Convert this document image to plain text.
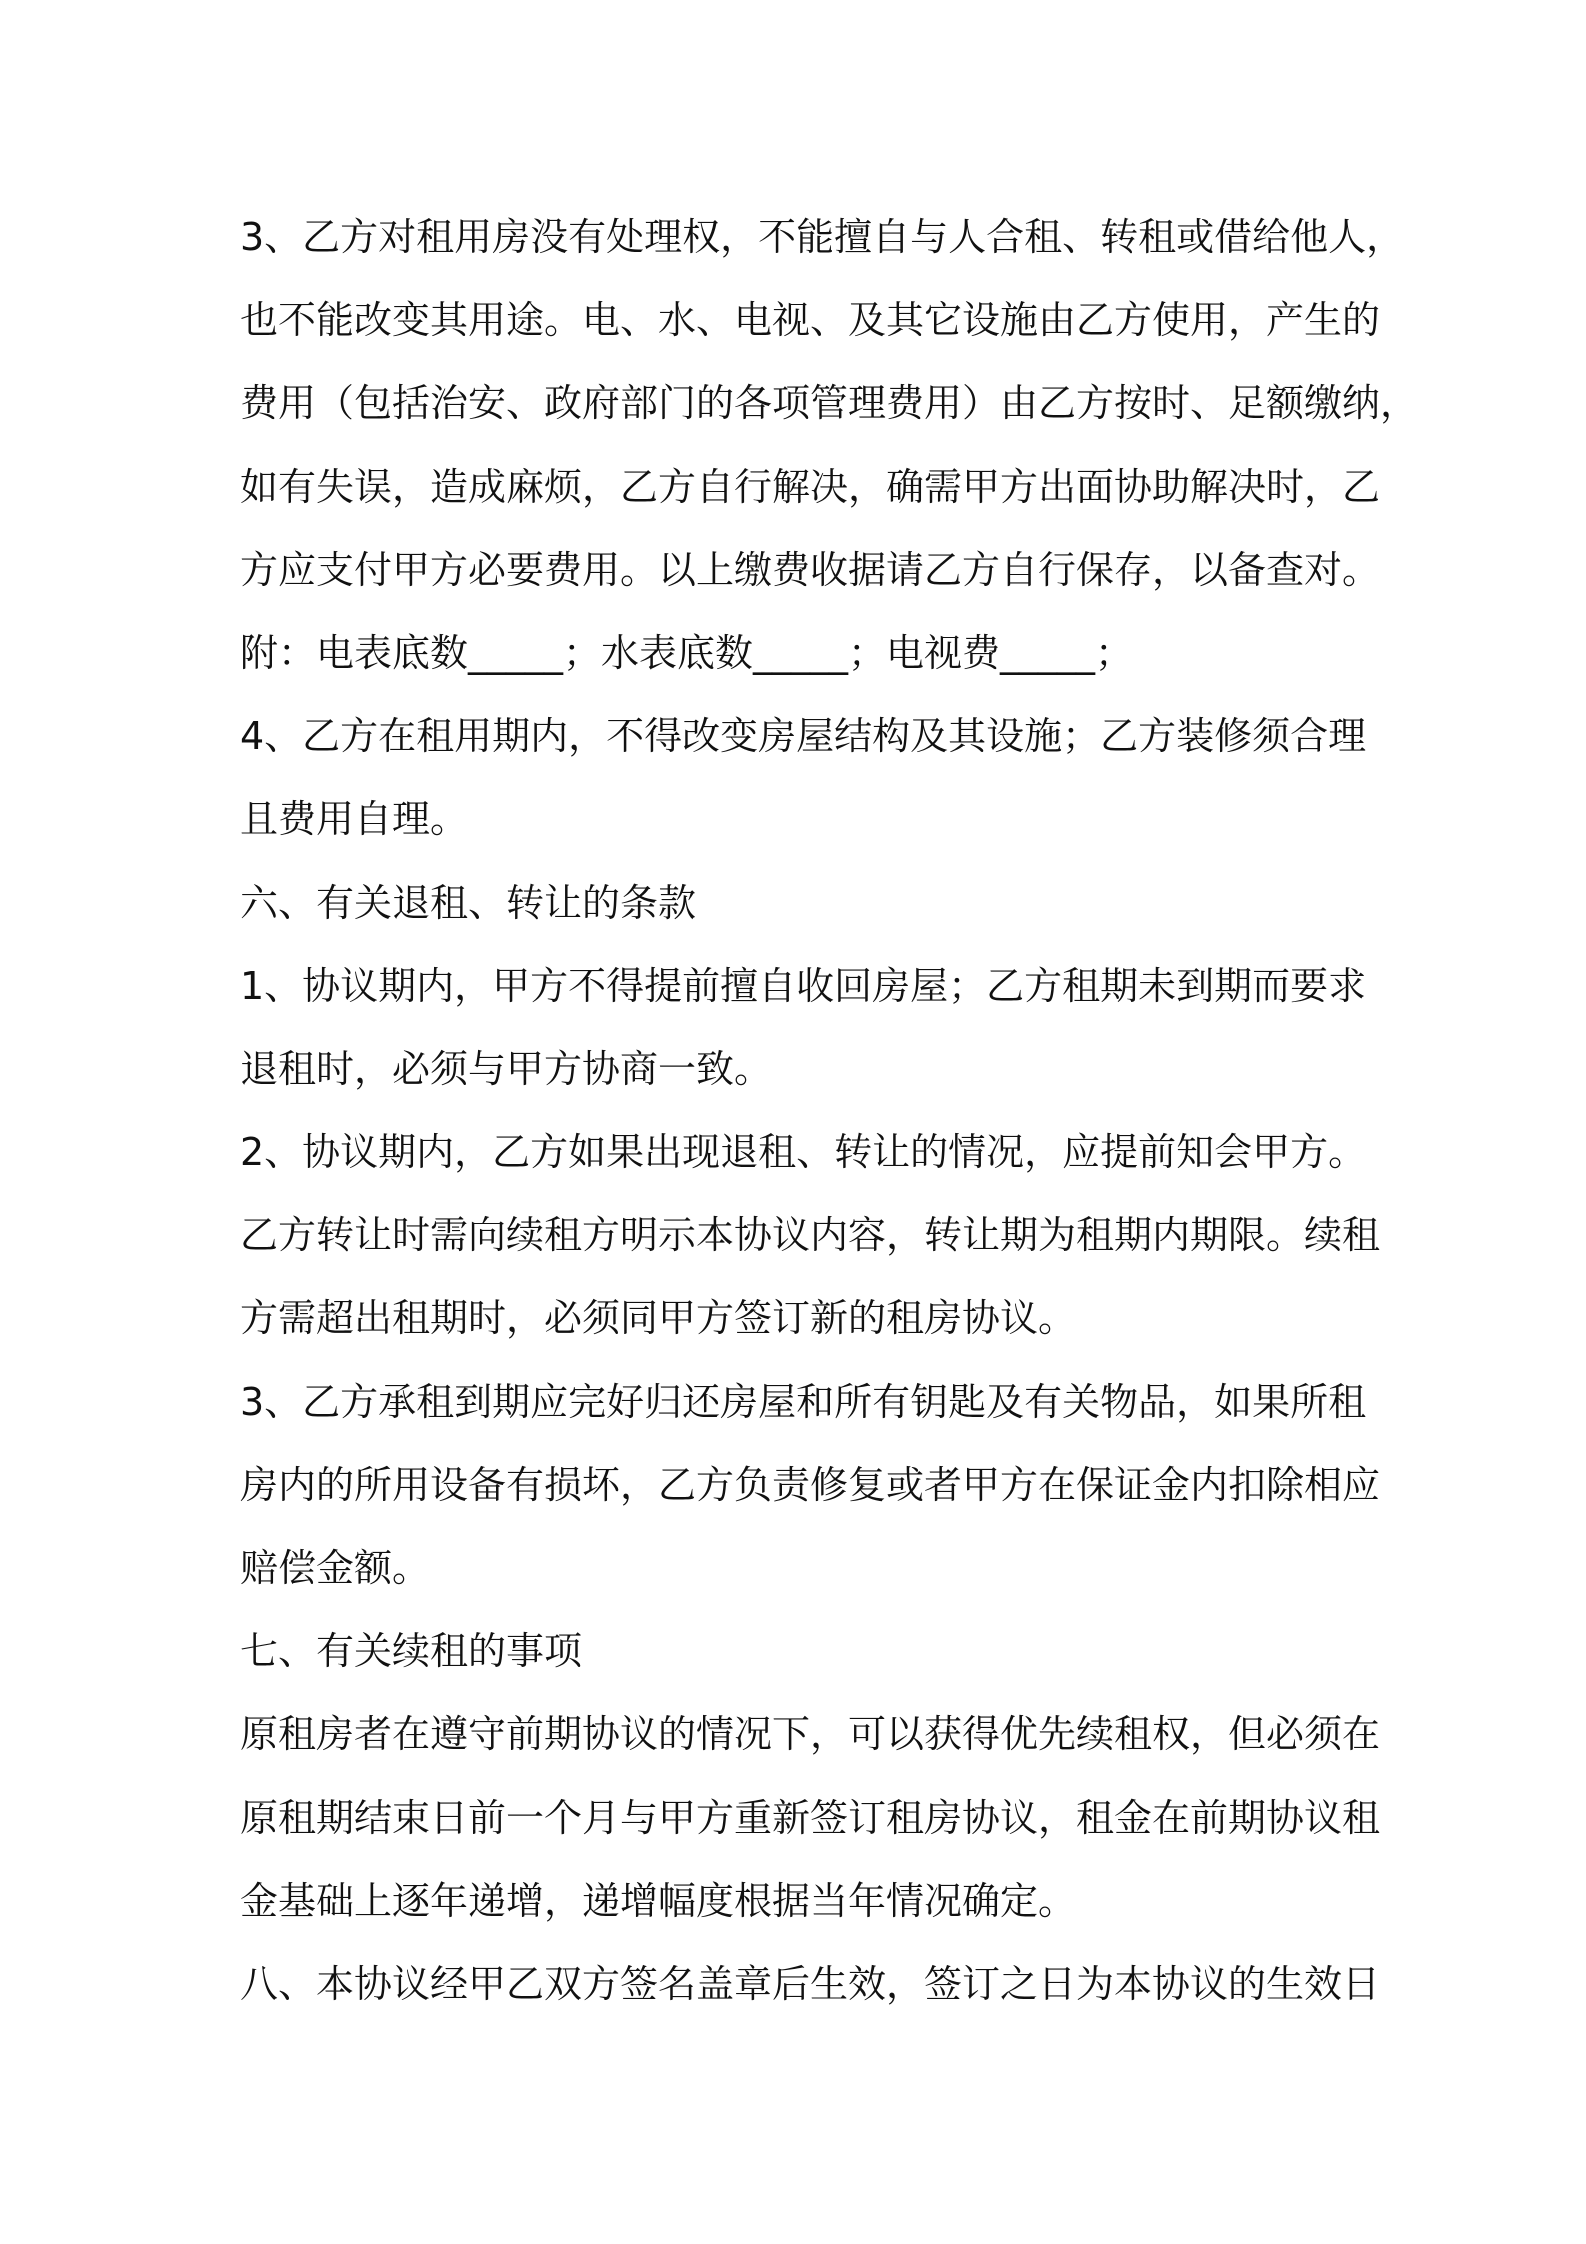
3、乙方对租用房没有处理权，不能擅自与人合租、转租或借给他人，
也不能改变其用途。电、水、电视、及其它设施由乙方使用，产生的
费用（包括治安、政府部门的各项管理费用）由乙方按时、足额缴纳，
如有失误，造成麻烦，乙方自行解决，确需甲方出面协助解决时，乙
方应支付甲方必要费用。以上缴费收据请乙方自行保存，以备查对。
附：电表底数_____；水表底数_____；电视费_____；
4、乙方在租用期内，不得改变房屋结构及其设施；乙方装修须合理
且费用自理。
六、有关退租、转让的条款
1、协议期内，甲方不得提前擅自收回房屋；乙方租期未到期而要求
退租时，必须与甲方协商一致。
2、协议期内，乙方如果出现退租、转让的情况，应提前知会甲方。
乙方转让时需向续租方明示本协议内容，转让期为租期内期限。续租
方需超出租期时，必须同甲方签订新的租房协议。
3、乙方承租到期应完好归还房屋和所有钥匙及有关物品，如果所租
房内的所用设备有损坏，乙方负责修复或者甲方在保证金内扣除相应
赔偿金额。
七、有关续租的事项
原租房者在遵守前期协议的情况下，可以获得优先续租权，但必须在
原租期结束日前一个月与甲方重新签订租房协议，租金在前期协议租
金基础上逐年递增，递增幅度根据当年情况确定。
八、本协议经甲乙双方签名盖章后生效，签订之日为本协议的生效日
